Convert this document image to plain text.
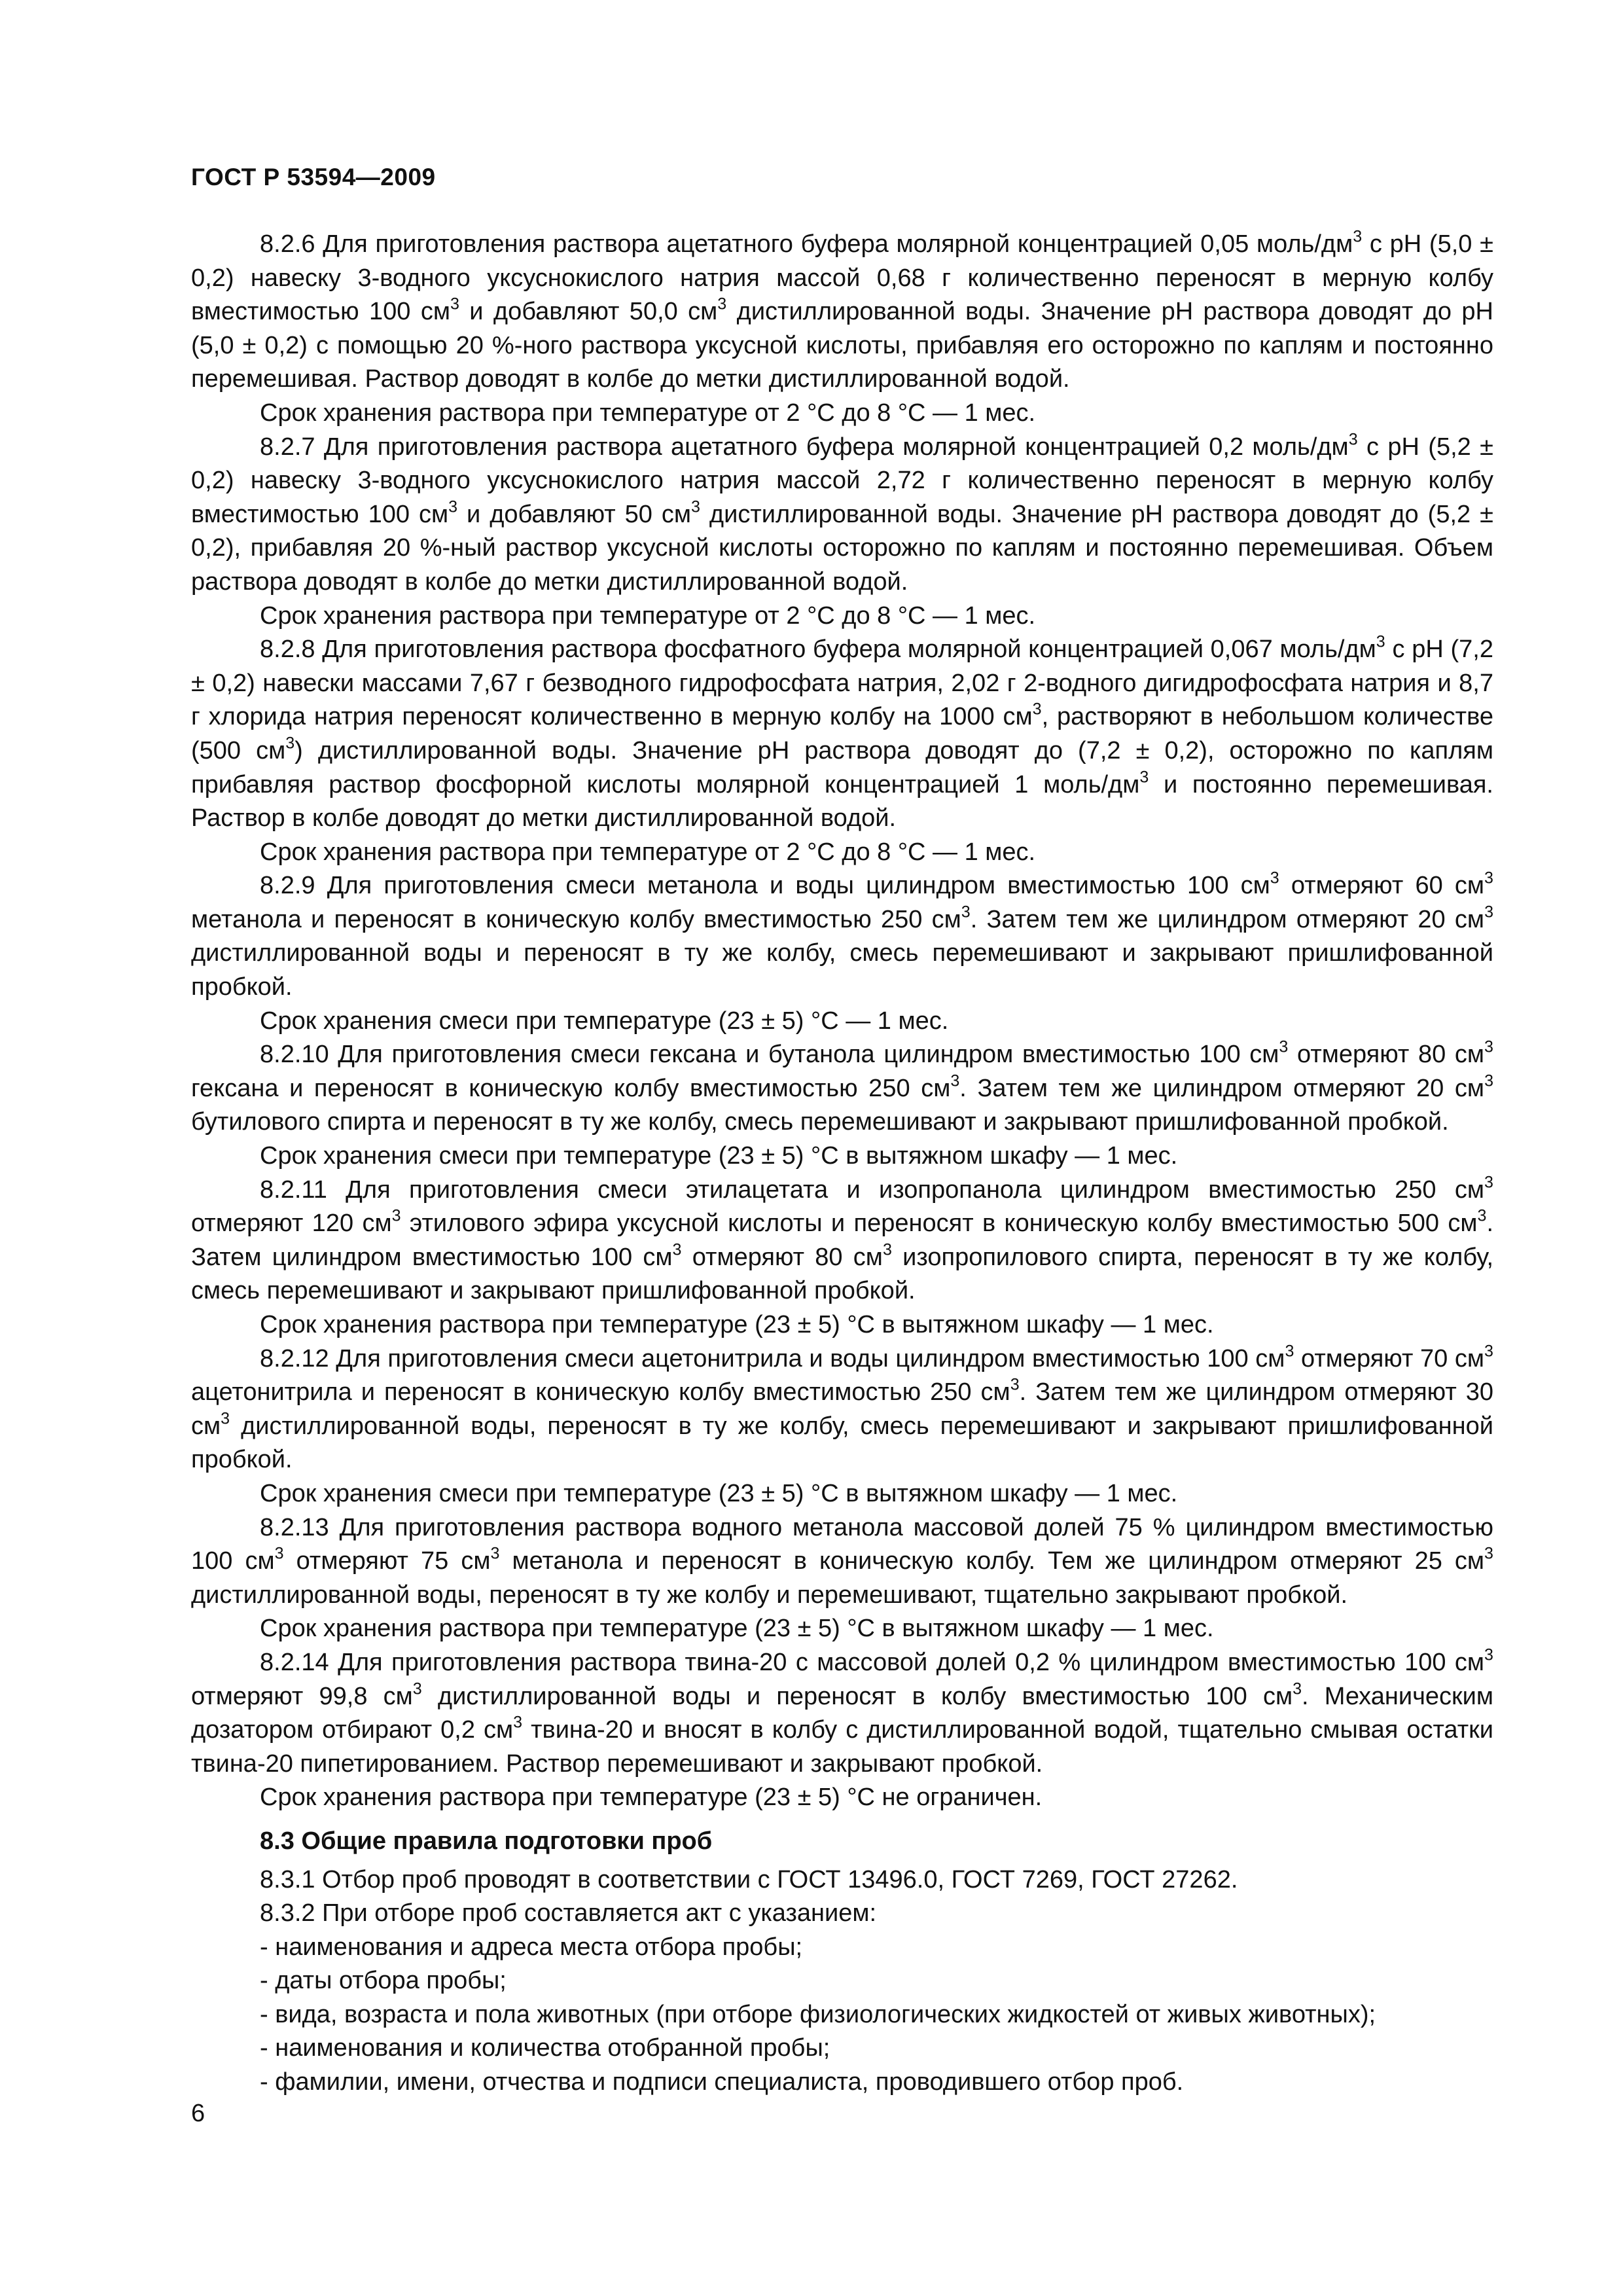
ГОСТ Р 53594—2009
8.2.6 Для приготовления раствора ацетатного буфера молярной концентрацией 0,05 моль/$дм^3$ с pH (5,0 ± 0,2) навеску 3-водного уксуснокислого натрия массой 0,68 г количественно переносят в мерную колбу вместимостью 100 $см^3$ и добавляют 50,0 $см^3$ дистиллированной воды. Значение pH раствора доводят до pH (5,0 ± 0,2) с помощью 20 %-ного раствора уксусной кислоты, прибавляя его осторожно по каплям и постоянно перемешивая. Раствор доводят в колбе до метки дистиллированной водой.
Срок хранения раствора при температуре от 2 °С до 8 °С — 1 мес.
8.2.7 Для приготовления раствора ацетатного буфера молярной концентрацией 0,2 моль/$дм^3$ с pH (5,2 ± 0,2) навеску 3-водного уксуснокислого натрия массой 2,72 г количественно переносят в мерную колбу вместимостью 100 $см^3$ и добавляют 50 $см^3$ дистиллированной воды. Значение pH раствора доводят до (5,2 ± 0,2), прибавляя 20 %-ный раствор уксусной кислоты осторожно по каплям и постоянно перемешивая. Объем раствора доводят в колбе до метки дистиллированной водой.
Срок хранения раствора при температуре от 2 °С до 8 °С — 1 мес.
8.2.8 Для приготовления раствора фосфатного буфера молярной концентрацией 0,067 моль/$дм^3$ с pH (7,2 ± 0,2) навески массами 7,67 г безводного гидрофосфата натрия, 2,02 г 2-водного дигидрофосфата натрия и 8,7 г хлорида натрия переносят количественно в мерную колбу на 1000 $см^3$, растворяют в небольшом количестве (500 $см^3$) дистиллированной воды. Значение pH раствора доводят до (7,2 ± 0,2), осторожно по каплям прибавляя раствор фосфорной кислоты молярной концентрацией 1 моль/$дм^3$ и постоянно перемешивая. Раствор в колбе доводят до метки дистиллированной водой.
Срок хранения раствора при температуре от 2 °С до 8 °С — 1 мес.
8.2.9 Для приготовления смеси метанола и воды цилиндром вместимостью 100 $см^3$ отмеряют 60 $см^3$ метанола и переносят в коническую колбу вместимостью 250 $см^3$. Затем тем же цилиндром отмеряют 20 $см^3$ дистиллированной воды и переносят в ту же колбу, смесь перемешивают и закрывают пришлифованной пробкой.
Срок хранения смеси при температуре (23 ± 5) °С — 1 мес.
8.2.10 Для приготовления смеси гексана и бутанола цилиндром вместимостью 100 $см^3$ отмеряют 80 $см^3$ гексана и переносят в коническую колбу вместимостью 250 $см^3$. Затем тем же цилиндром отмеряют 20 $см^3$ бутилового спирта и переносят в ту же колбу, смесь перемешивают и закрывают пришлифованной пробкой.
Срок хранения смеси при температуре (23 ± 5) °С в вытяжном шкафу — 1 мес.
8.2.11 Для приготовления смеси этилацетата и изопропанола цилиндром вместимостью 250 $см^3$ отмеряют 120 $см^3$ этилового эфира уксусной кислоты и переносят в коническую колбу вместимостью 500 $см^3$. Затем цилиндром вместимостью 100 $см^3$ отмеряют 80 $см^3$ изопропилового спирта, переносят в ту же колбу, смесь перемешивают и закрывают пришлифованной пробкой.
Срок хранения раствора при температуре (23 ± 5) °С в вытяжном шкафу — 1 мес.
8.2.12 Для приготовления смеси ацетонитрила и воды цилиндром вместимостью 100 $см^3$ отмеряют 70 $см^3$ ацетонитрила и переносят в коническую колбу вместимостью 250 $см^3$. Затем тем же цилиндром отмеряют 30 $см^3$ дистиллированной воды, переносят в ту же колбу, смесь перемешивают и закрывают пришлифованной пробкой.
Срок хранения смеси при температуре (23 ± 5) °С в вытяжном шкафу — 1 мес.
8.2.13 Для приготовления раствора водного метанола массовой долей 75 % цилиндром вместимостью 100 $см^3$ отмеряют 75 $см^3$ метанола и переносят в коническую колбу. Тем же цилиндром отмеряют 25 $см^3$ дистиллированной воды, переносят в ту же колбу и перемешивают, тщательно закрывают пробкой.
Срок хранения раствора при температуре (23 ± 5) °С в вытяжном шкафу — 1 мес.
8.2.14 Для приготовления раствора твина-20 с массовой долей 0,2 % цилиндром вместимостью 100 $см^3$ отмеряют 99,8 $см^3$ дистиллированной воды и переносят в колбу вместимостью 100 $см^3$. Механическим дозатором отбирают 0,2 $см^3$ твина-20 и вносят в колбу с дистиллированной водой, тщательно смывая остатки твина-20 пипетированием. Раствор перемешивают и закрывают пробкой.
Срок хранения раствора при температуре (23 ± 5) °С не ограничен.
8.3 Общие правила подготовки проб
8.3.1 Отбор проб проводят в соответствии с ГОСТ 13496.0, ГОСТ 7269, ГОСТ 27262.
8.3.2 При отборе проб составляется акт с указанием:
- наименования и адреса места отбора пробы;
- даты отбора пробы;
- вида, возраста и пола животных (при отборе физиологических жидкостей от живых животных);
- наименования и количества отобранной пробы;
- фамилии, имени, отчества и подписи специалиста, проводившего отбор проб.
6
